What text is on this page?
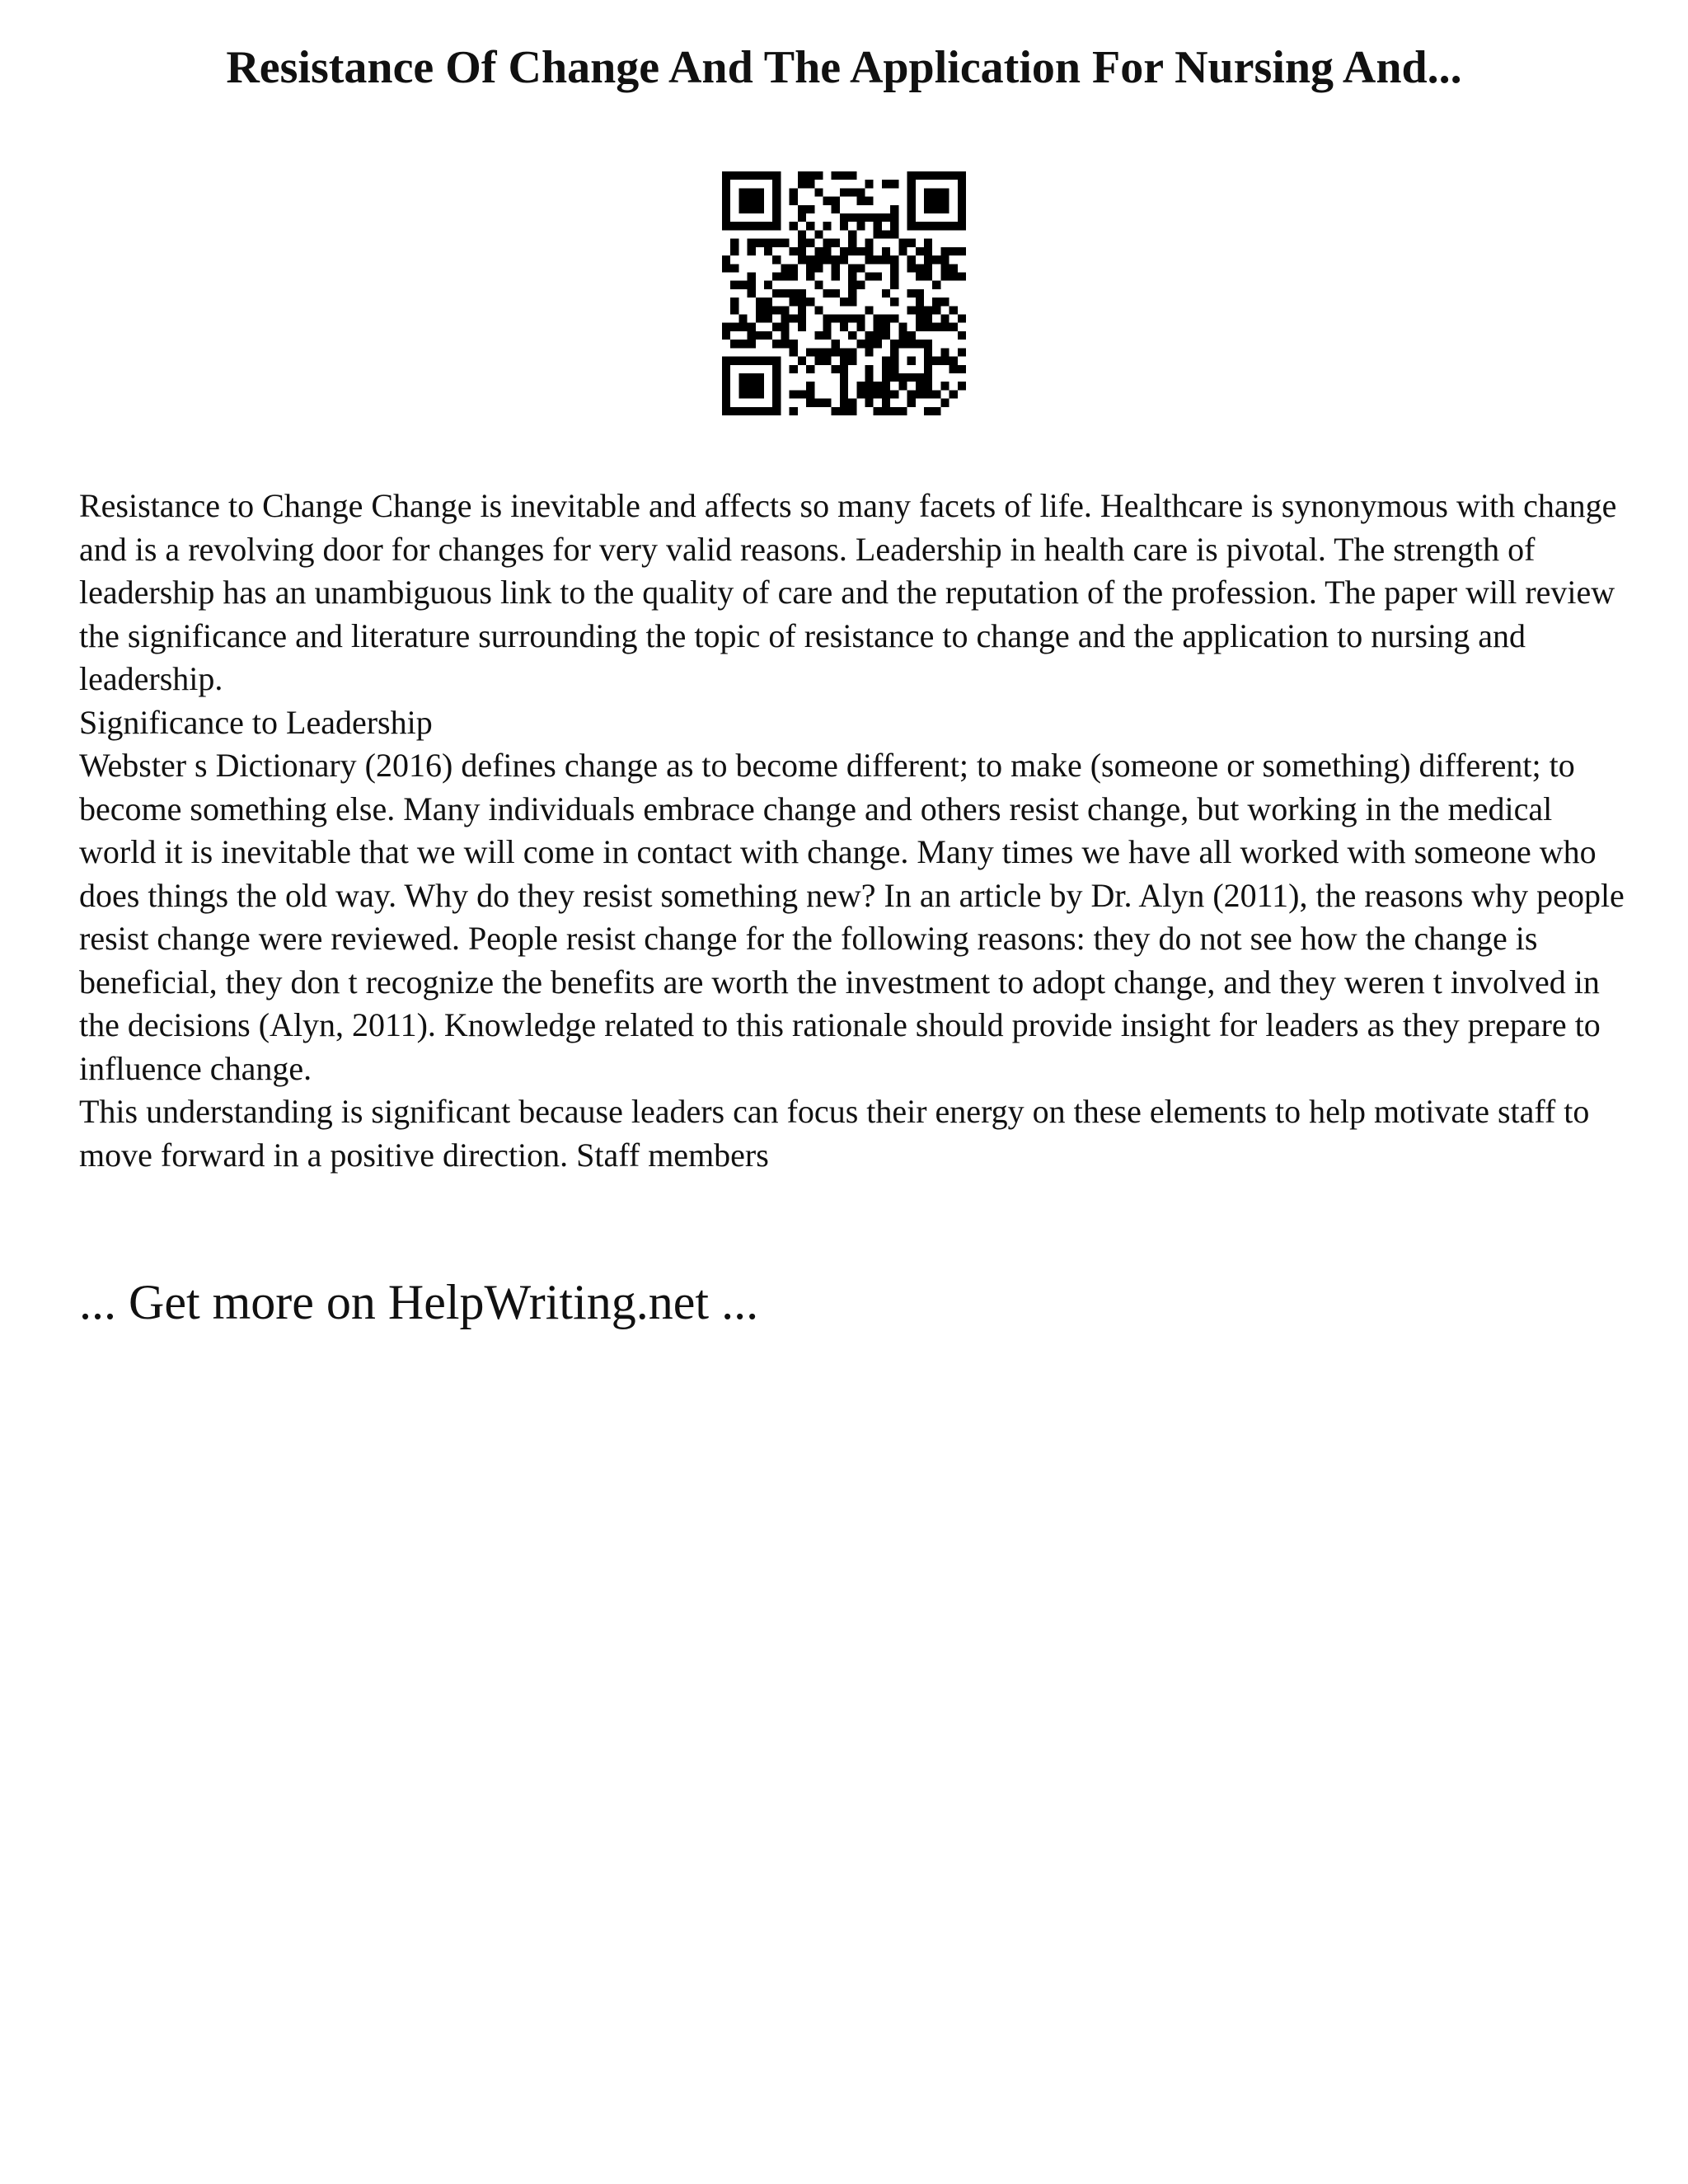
Resistance Of Change And The Application For Nursing And...

Resistance to Change Change is inevitable and affects so many facets of life. Healthcare is synonymous with change and is a revolving door for changes for very valid reasons. Leadership in health care is pivotal. The strength of leadership has an unambiguous link to the quality of care and the reputation of the profession. The paper will review the significance and literature surrounding the topic of resistance to change and the application to nursing and leadership.

Significance to Leadership

Webster s Dictionary (2016) defines change as to become different; to make (someone or something) different; to become something else. Many individuals embrace change and others resist change, but working in the medical world it is inevitable that we will come in contact with change. Many times we have all worked with someone who does things the old way. Why do they resist something new? In an article by Dr. Alyn (2011), the reasons why people resist change were reviewed. People resist change for the following reasons: they do not see how the change is beneficial, they don t recognize the benefits are worth the investment to adopt change, and they weren t involved in the decisions (Alyn, 2011). Knowledge related to this rationale should provide insight for leaders as they prepare to influence change.

This understanding is significant because leaders can focus their energy on these elements to help motivate staff to move forward in a positive direction. Staff members

... Get more on HelpWriting.net ...
